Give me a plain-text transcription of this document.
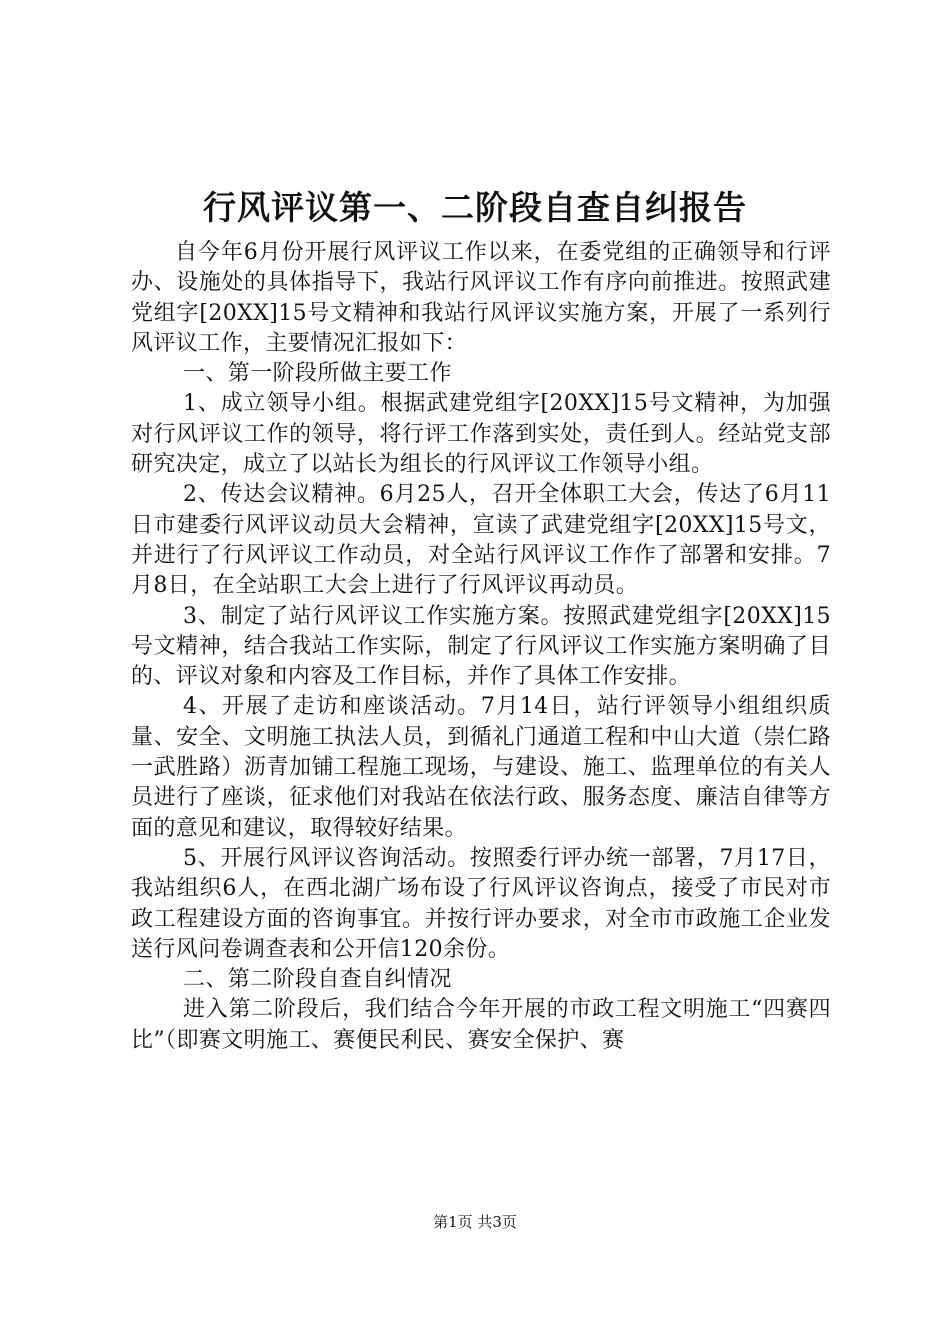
行风评议第一、二阶段自查自纠报告

自今年6月份开展行风评议工作以来，在委党组的正确领导和行评办、设施处的具体指导下，我站行风评议工作有序向前推进。按照武建党组字[20XX]15号文精神和我站行风评议实施方案，开展了一系列行风评议工作，主要情况汇报如下：

一、第一阶段所做主要工作

1、成立领导小组。根据武建党组字[20XX]15号文精神，为加强对行风评议工作的领导，将行评工作落到实处，责任到人。经站党支部研究决定，成立了以站长为组长的行风评议工作领导小组。

2、传达会议精神。6月25人，召开全体职工大会，传达了6月11日市建委行风评议动员大会精神，宣读了武建党组字[20XX]15号文，并进行了行风评议工作动员，对全站行风评议工作作了部署和安排。7月8日，在全站职工大会上进行了行风评议再动员。

3、制定了站行风评议工作实施方案。按照武建党组字[20XX]15号文精神，结合我站工作实际，制定了行风评议工作实施方案明确了目的、评议对象和内容及工作目标，并作了具体工作安排。

4、开展了走访和座谈活动。7月14日，站行评领导小组组织质量、安全、文明施工执法人员，到循礼门通道工程和中山大道（崇仁路一武胜路）沥青加铺工程施工现场，与建设、施工、监理单位的有关人员进行了座谈，征求他们对我站在依法行政、服务态度、廉洁自律等方面的意见和建议，取得较好结果。

5、开展行风评议咨询活动。按照委行评办统一部署，7月17日，我站组织6人，在西北湖广场布设了行风评议咨询点，接受了市民对市政工程建设方面的咨询事宜。并按行评办要求，对全市市政施工企业发送行风问卷调查表和公开信120余份。

二、第二阶段自查自纠情况

进入第二阶段后，我们结合今年开展的市政工程文明施工“四赛四比”（即赛文明施工、赛便民利民、赛安全保护、赛

第1页 共3页
